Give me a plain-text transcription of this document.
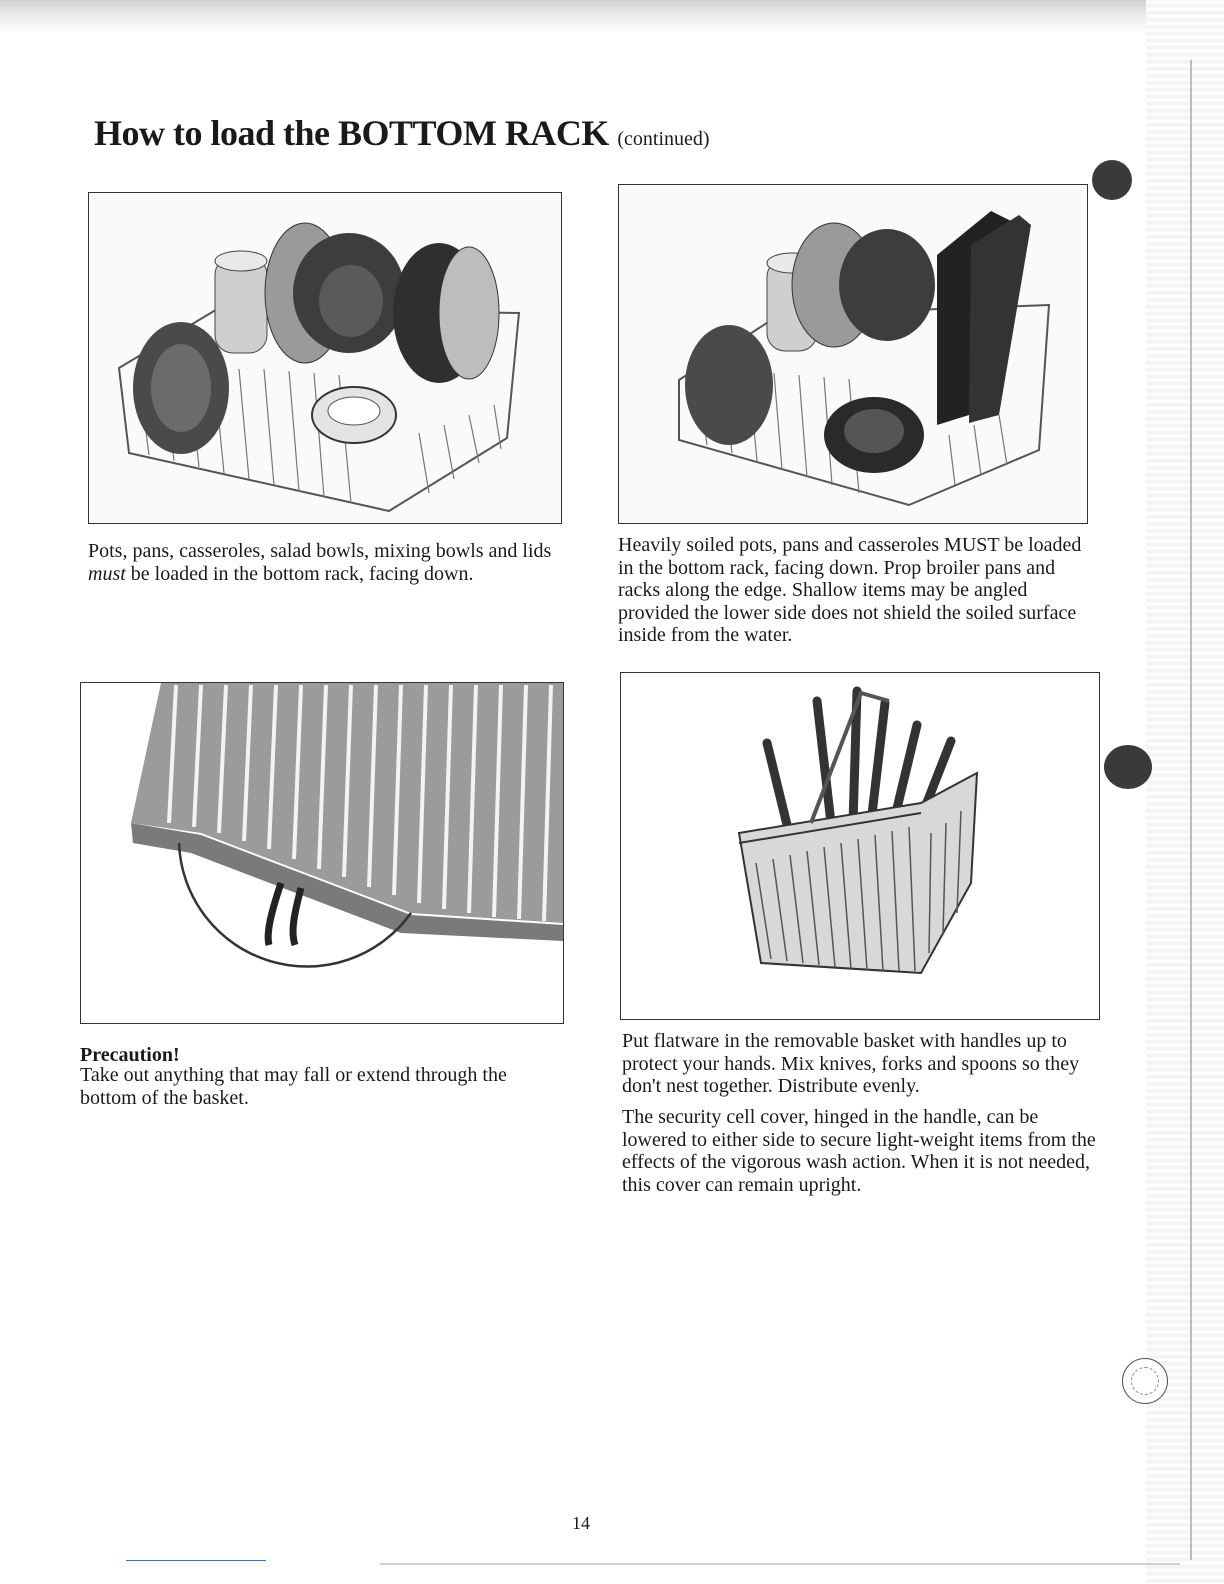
How to load the BOTTOM RACK (continued)

Pots, pans, casseroles, salad bowls, mixing bowls and lids must be loaded in the bottom rack, facing down.

Heavily soiled pots, pans and casseroles MUST be loaded in the bottom rack, facing down. Prop broiler pans and racks along the edge. Shallow items may be angled provided the lower side does not shield the soiled surface inside from the water.

Precaution!

Take out anything that may fall or extend through the bottom of the basket.

Put flatware in the removable basket with handles up to protect your hands. Mix knives, forks and spoons so they don't nest together. Distribute evenly.

The security cell cover, hinged in the handle, can be lowered to either side to secure light-weight items from the effects of the vigorous wash action. When it is not needed, this cover can remain upright.

14
